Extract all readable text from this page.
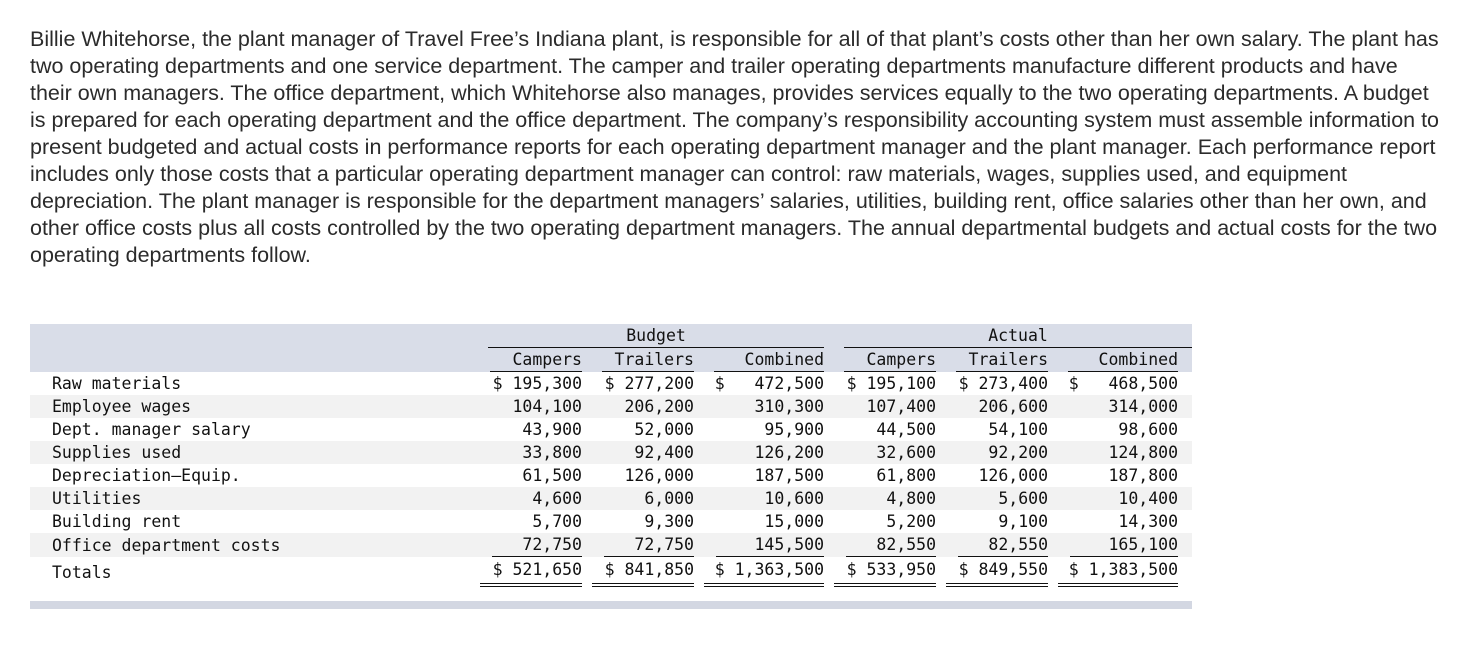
Billie Whitehorse, the plant manager of Travel Free’s Indiana plant, is responsible for all of that plant’s costs other than her own salary. The plant has two operating departments and one service department. The camper and trailer operating departments manufacture different products and have their own managers. The office department, which Whitehorse also manages, provides services equally to the two operating departments. A budget is prepared for each operating department and the office department. The company’s responsibility accounting system must assemble information to present budgeted and actual costs in performance reports for each operating department manager and the plant manager. Each performance report includes only those costs that a particular operating department manager can control: raw materials, wages, supplies used, and equipment depreciation. The plant manager is responsible for the department managers’ salaries, utilities, building rent, office salaries other than her own, and other office costs plus all costs controlled by the two operating department managers. The annual departmental budgets and actual costs for the two operating departments follow.

	Budget			Actual		

	Campers	Trailers	Combined	Campers	Trailers	Combined

Raw materials	$ 195,300	$ 277,200	$   472,500	$ 195,100	$ 273,400	$   468,500
Employee wages	104,100	206,200	310,300	107,400	206,600	314,000
Dept. manager salary	43,900	52,000	95,900	44,500	54,100	98,600
Supplies used	33,800	92,400	126,200	32,600	92,200	124,800
Depreciation—Equip.	61,500	126,000	187,500	61,800	126,000	187,800
Utilities	4,600	6,000	10,600	4,800	5,600	10,400
Building rent	5,700	9,300	15,000	5,200	9,100	14,300
Office department costs	72,750	72,750	145,500	82,550	82,550	165,100

Totals	$ 521,650	$ 841,850	$ 1,363,500	$ 533,950	$ 849,550	$ 1,383,500
